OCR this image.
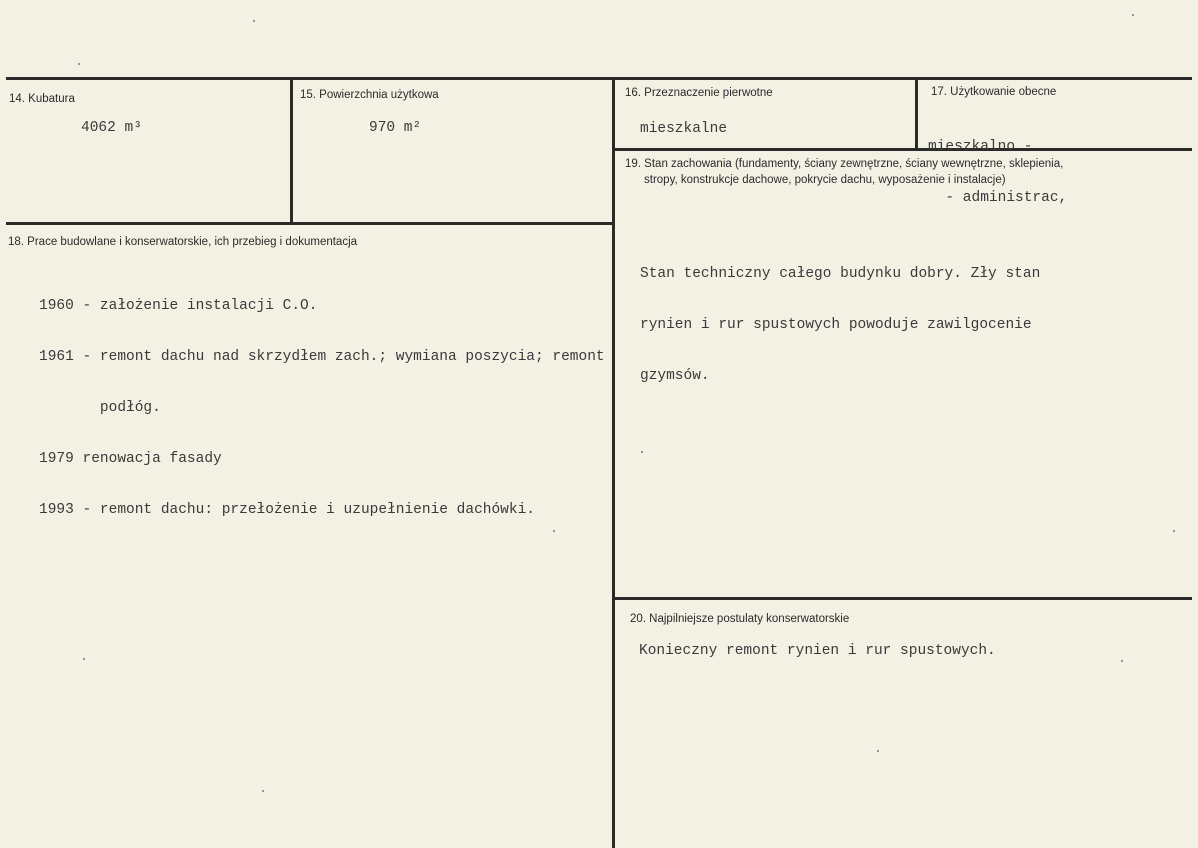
14. Kubatura
4062 m³
15. Powierzchnia użytkowa
970 m²
16. Przeznaczenie pierwotne
mieszkalne
17. Użytkowanie obecne

mieszkalno -

- administrac,

18. Prace budowlane i konserwatorskie, ich przebieg i dokumentacja

1960 - założenie instalacji C.O.

1961 - remont dachu nad skrzydłem zach.; wymiana poszycia; remont

podłóg.

1979 renowacja fasady

1993 - remont dachu: przełożenie i uzupełnienie dachówki.

19. Stan zachowania (fundamenty, ściany zewnętrzne, ściany wewnętrzne, sklepienia,
stropy, konstrukcje dachowe, pokrycie dachu, wyposażenie i instalacje)

Stan techniczny całego budynku dobry. Zły stan

rynien i rur spustowych powoduje zawilgocenie

gzymsów.

20. Najpilniejsze postulaty konserwatorskie
Konieczny remont rynien i rur spustowych.
